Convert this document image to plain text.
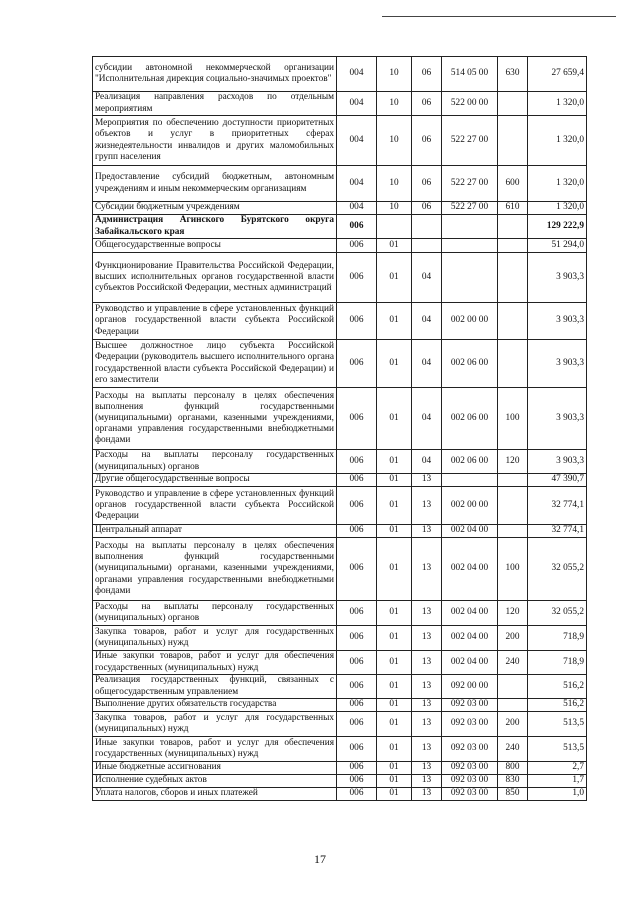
субсидии автономной некоммерческой организации "Исполнительная дирекция социально-значимых проектов"	004	10	06	514 05 00	630	27 659,4
Реализация направления расходов по отдельным мероприятиям	004	10	06	522 00 00		1 320,0
Мероприятия по обеспечению доступности приоритетных объектов и услуг в приоритетных сферах жизнедеятельности инвалидов и других маломобильных групп населения	004	10	06	522 27 00		1 320,0
Предоставление субсидий бюджетным, автономным учреждениям и иным некоммерческим организациям	004	10	06	522 27 00	600	1 320,0
Субсидии бюджетным учреждениям	004	10	06	522 27 00	610	1 320,0
Администрация Агинского Бурятского округа Забайкальского края	006					129 222,9
Общегосударственные вопросы	006	01				51 294,0
Функционирование Правительства Российской Федерации, высших исполнительных органов государственной власти субъектов Российской Федерации, местных администраций	006	01	04			3 903,3
Руководство и управление в сфере установленных функций органов государственной власти субъекта Российской Федерации	006	01	04	002 00 00		3 903,3
Высшее должностное лицо субъекта Российской Федерации (руководитель высшего исполнительного органа государственной власти субъекта Российской Федерации) и его заместители	006	01	04	002 06 00		3 903,3
Расходы на выплаты персоналу в целях обеспечения выполнения функций государственными (муниципальными) органами, казенными учреждениями, органами управления государственными внебюджетными фондами	006	01	04	002 06 00	100	3 903,3
Расходы на выплаты персоналу государственных (муниципальных) органов	006	01	04	002 06 00	120	3 903,3
Другие общегосударственные вопросы	006	01	13			47 390,7
Руководство и управление в сфере установленных функций органов государственной власти субъекта Российской Федерации	006	01	13	002 00 00		32 774,1
Центральный аппарат	006	01	13	002 04 00		32 774,1
Расходы на выплаты персоналу в целях обеспечения выполнения функций государственными (муниципальными) органами, казенными учреждениями, органами управления государственными внебюджетными фондами	006	01	13	002 04 00	100	32 055,2
Расходы на выплаты персоналу государственных (муниципальных) органов	006	01	13	002 04 00	120	32 055,2
Закупка товаров, работ и услуг для государственных (муниципальных) нужд	006	01	13	002 04 00	200	718,9
Иные закупки товаров, работ и услуг для обеспечения государственных (муниципальных) нужд	006	01	13	002 04 00	240	718,9
Реализация государственных функций, связанных с общегосударственным управлением	006	01	13	092 00 00		516,2
Выполнение других обязательств государства	006	01	13	092 03 00		516,2
Закупка товаров, работ и услуг для государственных (муниципальных) нужд	006	01	13	092 03 00	200	513,5
Иные закупки товаров, работ и услуг для обеспечения государственных (муниципальных) нужд	006	01	13	092 03 00	240	513,5
Иные бюджетные ассигнования	006	01	13	092 03 00	800	2,7
Исполнение судебных актов	006	01	13	092 03 00	830	1,7
Уплата налогов, сборов и иных платежей	006	01	13	092 03 00	850	1,0
17
